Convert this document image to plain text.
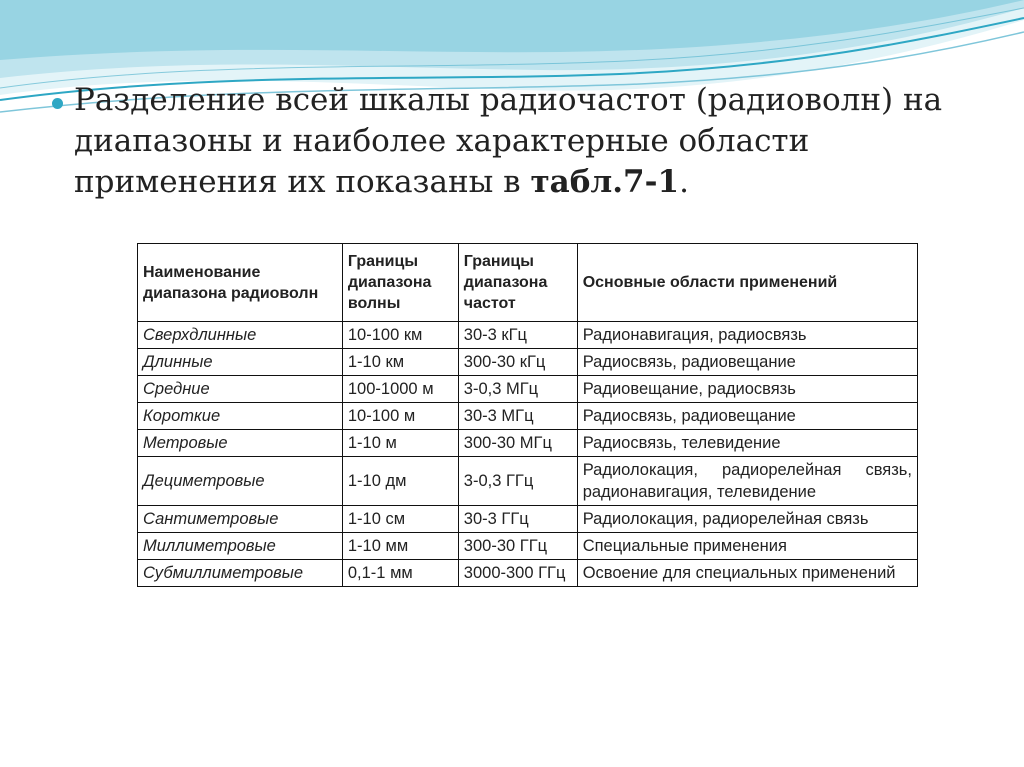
Разделение всей шкалы радиочастот (радиоволн) на диапазоны и наиболее характерные области применения их показаны в табл.7-1.

Наименование диапазона радиоволн	Границы диапазона волны	Границы диапазона частот	Основные области применений
Сверхдлинные	10-100 км	30-3 кГц	Радионавигация, радиосвязь
Длинные	1-10 км	300-30 кГц	Радиосвязь, радиовещание
Средние	100-1000 м	3-0,3 МГц	Радиовещание, радиосвязь
Короткие	10-100 м	30-3 МГц	Радиосвязь, радиовещание
Метровые	1-10 м	300-30 МГц	Радиосвязь, телевидение
Дециметровые	1-10 дм	3-0,3 ГГц	Радиолокация, радиорелейная связь, радионавигация, телевидение
Сантиметровые	1-10 см	30-3 ГГц	Радиолокация, радиорелейная связь
Миллиметровые	1-10 мм	300-30 ГГц	Специальные применения
Субмиллиметровые	0,1-1 мм	3000-300 ГГц	Освоение для специальных применений
